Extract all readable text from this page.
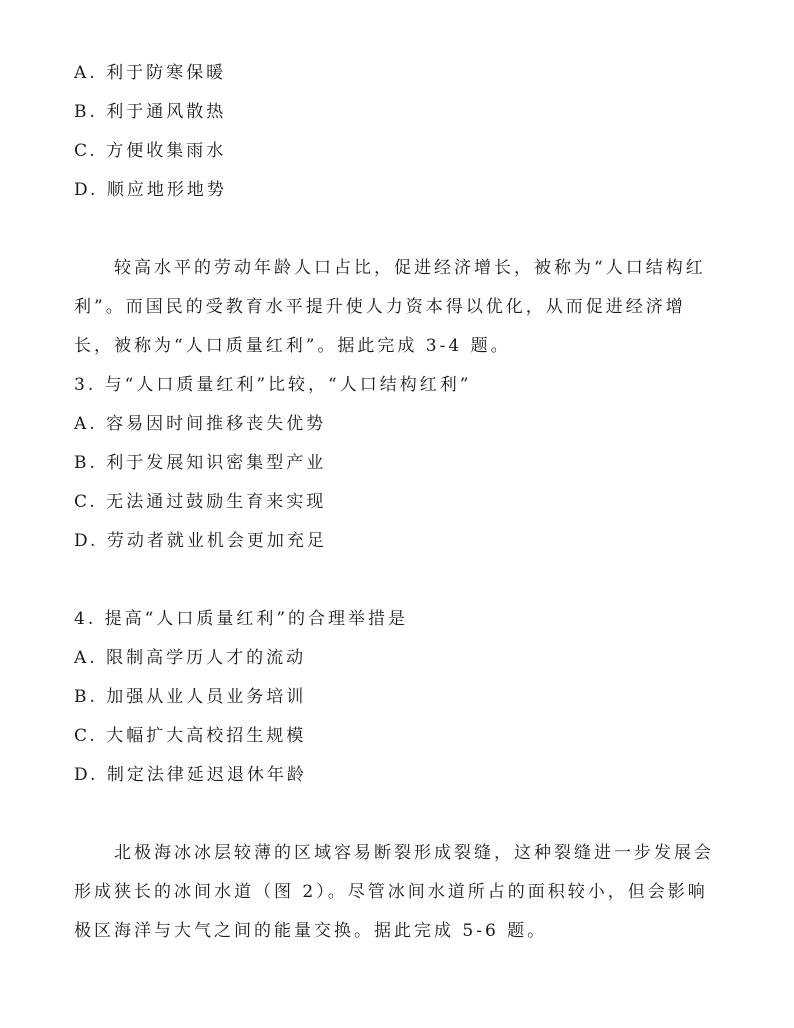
A. 利于防寒保暖
B. 利于通风散热
C. 方便收集雨水
D. 顺应地形地势
较高水平的劳动年龄人口占比，促进经济增长，被称为“人口结构红
利”。而国民的受教育水平提升使人力资本得以优化，从而促进经济增
长，被称为“人口质量红利”。据此完成 3-4 题。
3. 与“人口质量红利”比较，“人口结构红利”
A. 容易因时间推移丧失优势
B. 利于发展知识密集型产业
C. 无法通过鼓励生育来实现
D. 劳动者就业机会更加充足
4. 提高“人口质量红利”的合理举措是
A. 限制高学历人才的流动
B. 加强从业人员业务培训
C. 大幅扩大高校招生规模
D. 制定法律延迟退休年龄
北极海冰冰层较薄的区域容易断裂形成裂缝，这种裂缝进一步发展会
形成狭长的冰间水道（图 2）。尽管冰间水道所占的面积较小，但会影响
极区海洋与大气之间的能量交换。据此完成 5-6 题。
